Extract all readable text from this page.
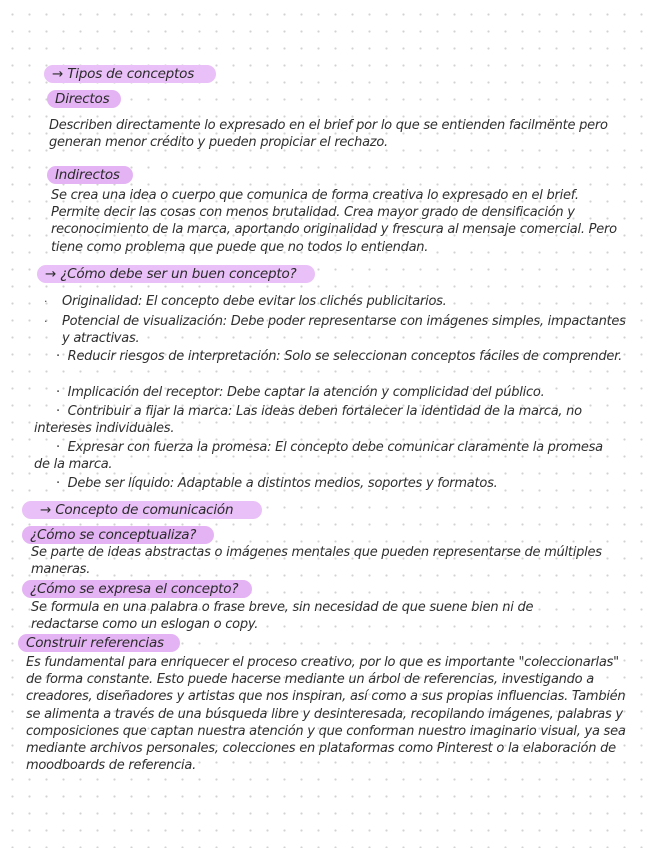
→ Tipos de conceptos
Directos

Describen directamente lo expresado en el brief por lo que se entienden facilmënte pero generan menor crédito y pueden propiciar el rechazo.

Indirectos

Se crea una idea o cuerpo que comunica de forma creativa lo expresado en el brief. Permite decir las cosas con menos brutalidad. Crea mayor grado de densificación y reconocimiento de la marca, aportando originalidad y frescura al mensaje comercial. Pero tiene como problema que puede que no todos lo entiendan.

→ ¿Cómo debe ser un buen concepto?
·	Originalidad: El concepto debe evitar los clichés publicitarios.
·	Potencial de visualización: Debe poder representarse con imágenes simples, impactantes y atractivas.

·  Reducir riesgos de interpretación: Solo se seleccionan conceptos fáciles de comprender.

·  Implicación del receptor: Debe captar la atención y complicidad del público.

·  Contribuir a fijar la marca: Las ideas deben fortalecer la identidad de la marca, no intereses individuales.

·  Expresar con fuerza la promesa: El concepto debe comunicar claramente la promesa de la marca.

·  Debe ser líquido: Adaptable a distintos medios, soportes y formatos.

→ Concepto de comunicación
¿Cómo se conceptualiza?

Se parte de ideas abstractas o imágenes mentales que pueden representarse de múltiples maneras.

¿Cómo se expresa el concepto?

Se formula en una palabra o frase breve, sin necesidad de que suene bien ni de redactarse como un eslogan o copy.

Construir referencias

Es fundamental para enriquecer el proceso creativo, por lo que es importante "coleccionarlas" de forma constante. Esto puede hacerse mediante un árbol de referencias, investigando a creadores, diseñadores y artistas que nos inspiran, así como a sus propias influencias. También se alimenta a través de una búsqueda libre y desinteresada, recopilando imágenes, palabras y composiciones que captan nuestra atención y que conforman nuestro imaginario visual, ya sea mediante archivos personales, colecciones en plataformas como Pinterest o la elaboración de moodboards de referencia.
